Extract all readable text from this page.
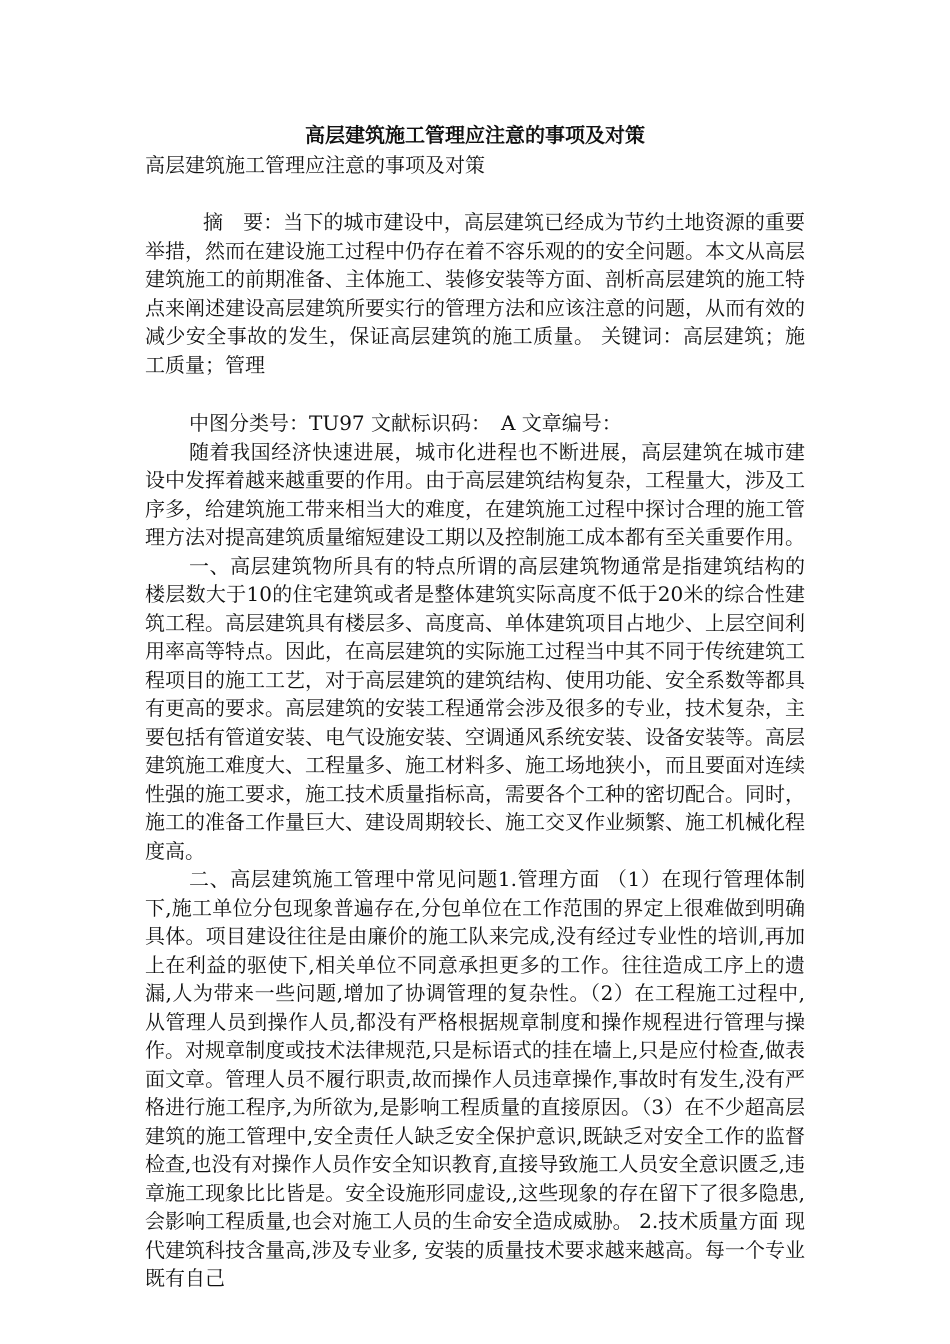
高层建筑施工管理应注意的事项及对策

高层建筑施工管理应注意的事项及对策

摘　要：当下的城市建设中，高层建筑已经成为节约土地资源的重要举措，然而在建设施工过程中仍存在着不容乐观的的安全问题。本文从高层建筑施工的前期准备、主体施工、装修安装等方面、剖析高层建筑的施工特点来阐述建设高层建筑所要实行的管理方法和应该注意的问题，从而有效的减少安全事故的发生，保证高层建筑的施工质量。 关键词：高层建筑；施工质量；管理

中图分类号：TU97 文献标识码：　A 文章编号：

随着我国经济快速进展，城市化进程也不断进展，高层建筑在城市建设中发挥着越来越重要的作用。由于高层建筑结构复杂，工程量大，涉及工序多，给建筑施工带来相当大的难度，在建筑施工过程中探讨合理的施工管理方法对提高建筑质量缩短建设工期以及控制施工成本都有至关重要作用。

一、高层建筑物所具有的特点所谓的高层建筑物通常是指建筑结构的楼层数大于10的住宅建筑或者是整体建筑实际高度不低于20米的综合性建筑工程。高层建筑具有楼层多、高度高、单体建筑项目占地少、上层空间利用率高等特点。因此，在高层建筑的实际施工过程当中其不同于传统建筑工程项目的施工工艺，对于高层建筑的建筑结构、使用功能、安全系数等都具有更高的要求。高层建筑的安装工程通常会涉及很多的专业，技术复杂，主要包括有管道安装、电气设施安装、空调通风系统安装、设备安装等。高层建筑施工难度大、工程量多、施工材料多、施工场地狭小，而且要面对连续性强的施工要求，施工技术质量指标高，需要各个工种的密切配合。同时，施工的准备工作量巨大、建设周期较长、施工交叉作业频繁、施工机械化程度高。

二、高层建筑施工管理中常见问题1.管理方面 （1）在现行管理体制下,施工单位分包现象普遍存在,分包单位在工作范围的界定上很难做到明确具体。项目建设往往是由廉价的施工队来完成,没有经过专业性的培训,再加上在利益的驱使下,相关单位不同意承担更多的工作。往往造成工序上的遗漏,人为带来一些问题,增加了协调管理的复杂性。（2）在工程施工过程中,从管理人员到操作人员,都没有严格根据规章制度和操作规程进行管理与操作。对规章制度或技术法律规范,只是标语式的挂在墙上,只是应付检查,做表面文章。管理人员不履行职责,故而操作人员违章操作,事故时有发生,没有严格进行施工程序,为所欲为,是影响工程质量的直接原因。（3）在不少超高层建筑的施工管理中,安全责任人缺乏安全保护意识,既缺乏对安全工作的监督检查,也没有对操作人员作安全知识教育,直接导致施工人员安全意识匮乏,违章施工现象比比皆是。安全设施形同虚设,,这些现象的存在留下了很多隐患,会影响工程质量,也会对施工人员的生命安全造成威胁。 2.技术质量方面 现代建筑科技含量高,涉及专业多, 安装的质量技术要求越来越高。每一个专业既有自己
